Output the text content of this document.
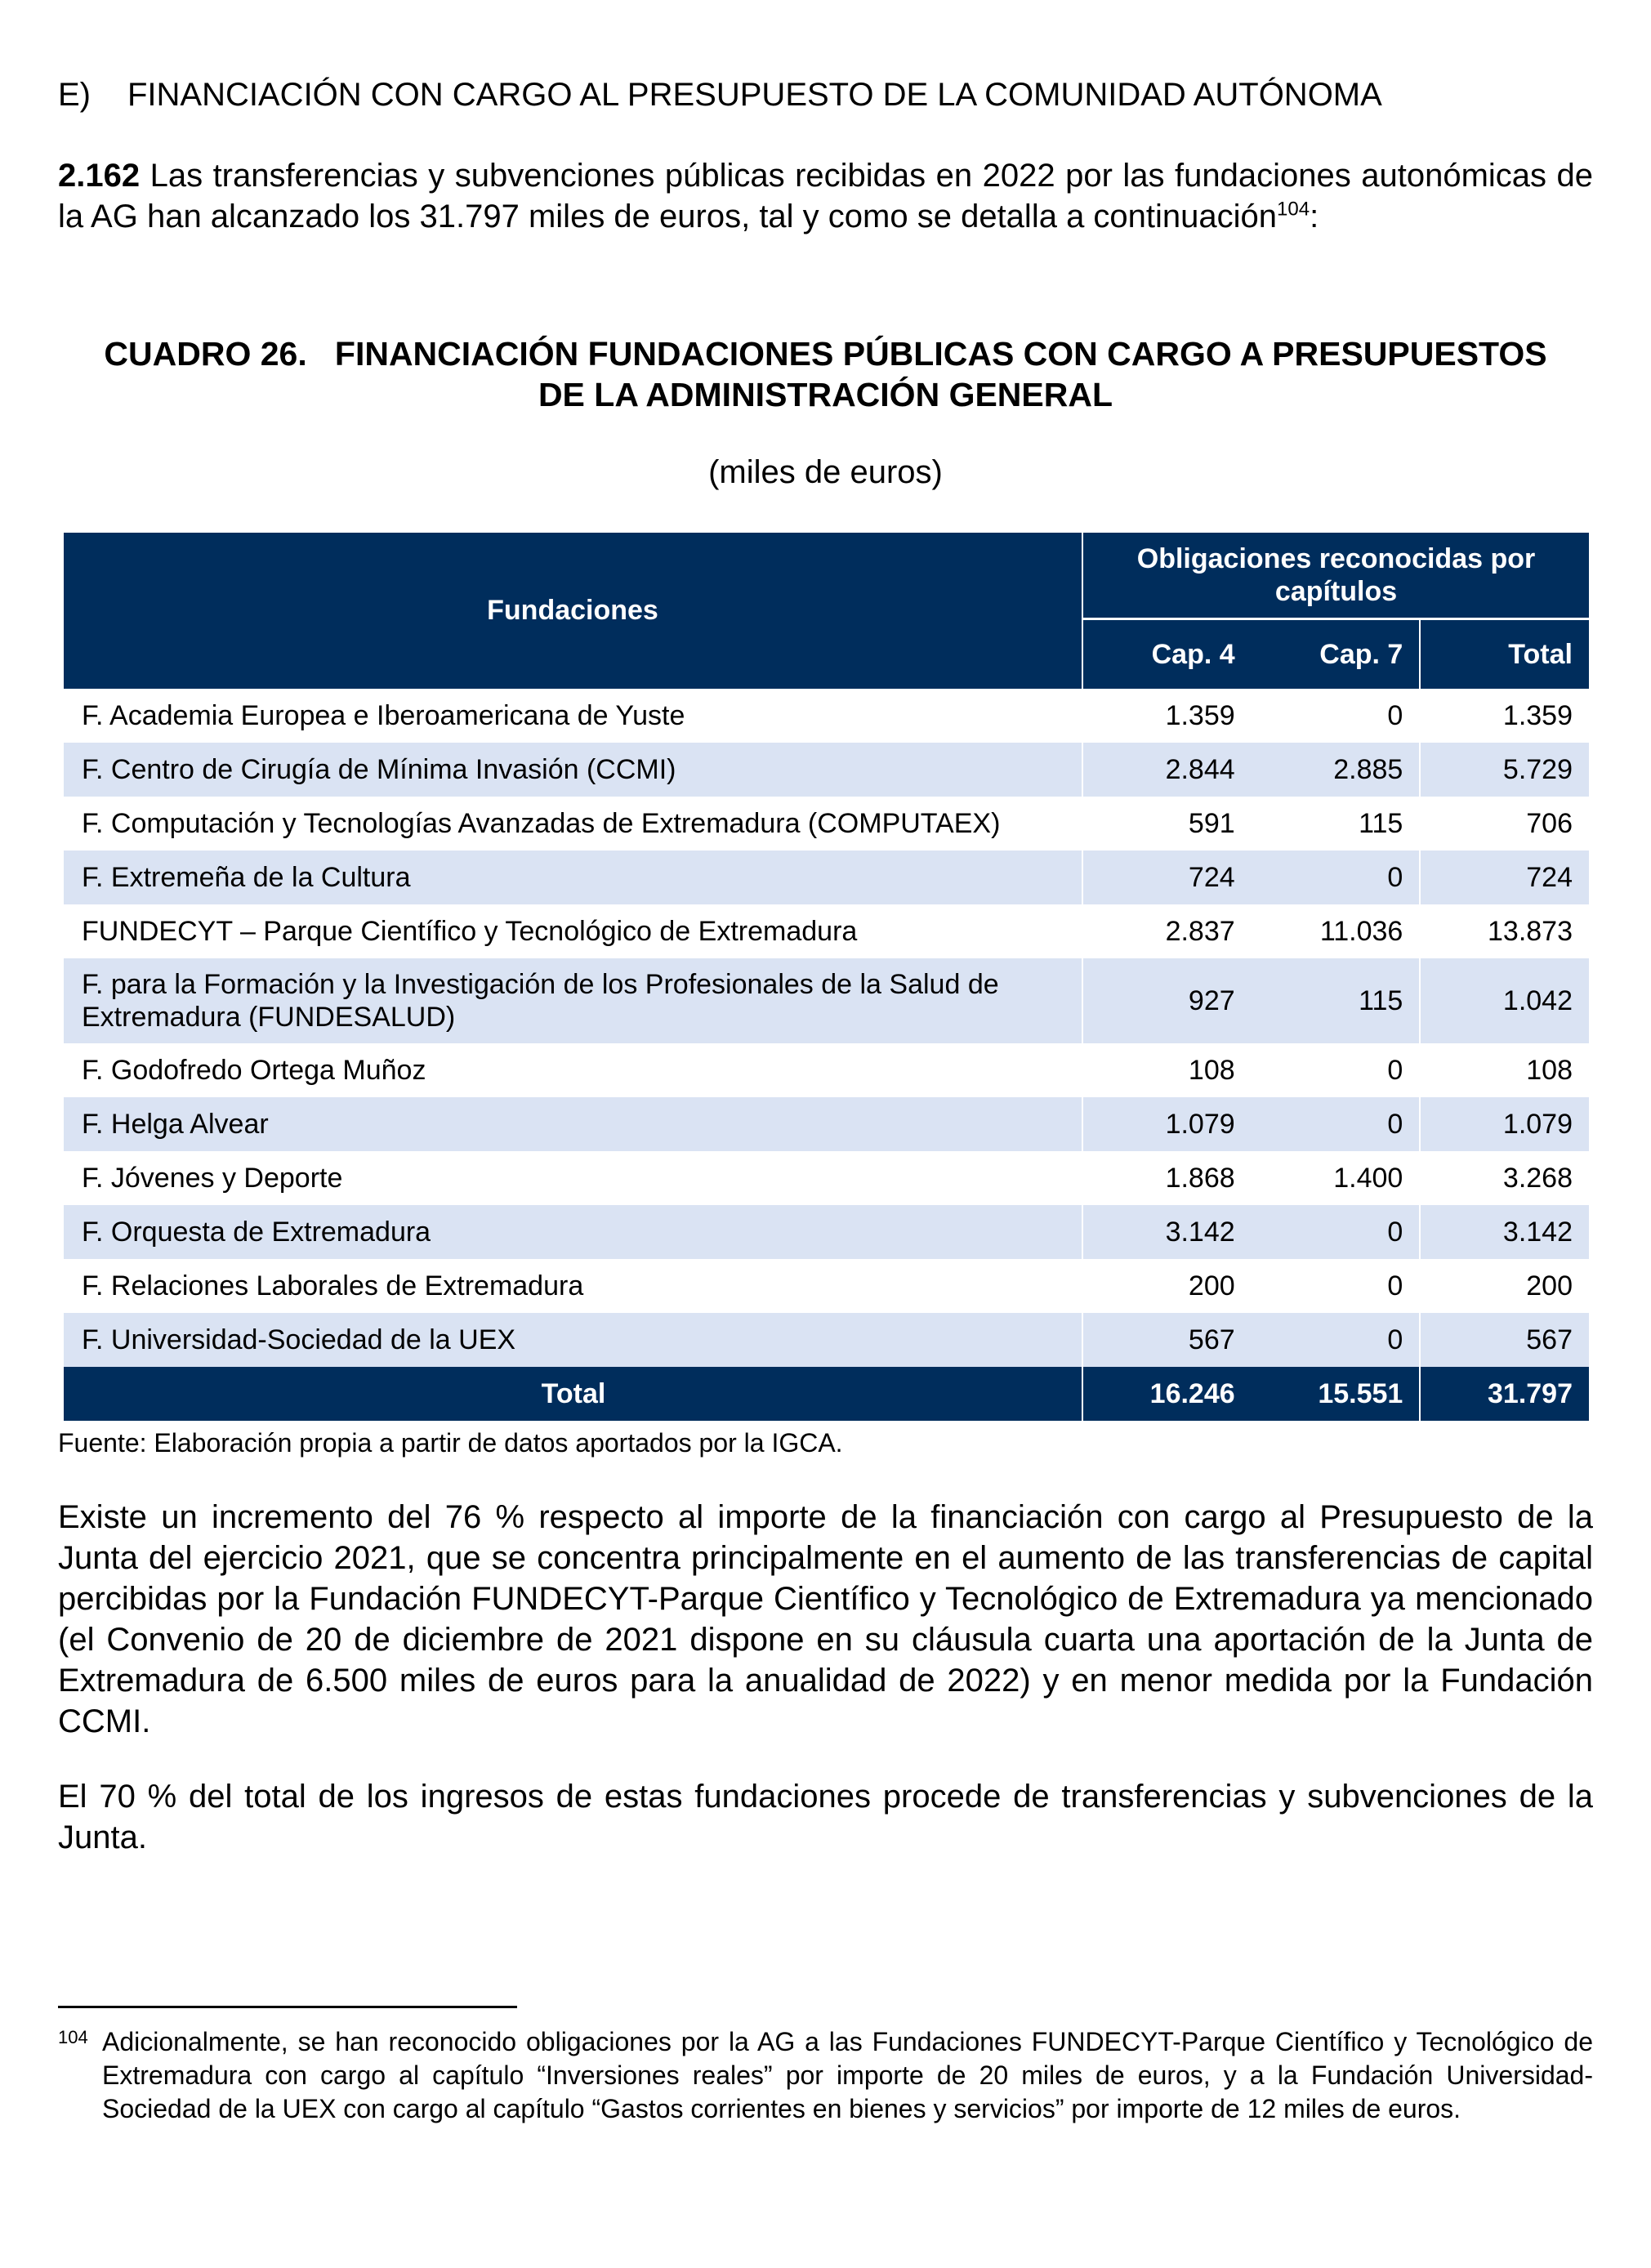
E) FINANCIACIÓN CON CARGO AL PRESUPUESTO DE LA COMUNIDAD AUTÓNOMA
2.162 Las transferencias y subvenciones públicas recibidas en 2022 por las fundaciones autonómicas de la AG han alcanzado los 31.797 miles de euros, tal y como se detalla a continuación$^{104}$:
CUADRO 26.   FINANCIACIÓN FUNDACIONES PÚBLICAS CON CARGO A PRESUPUESTOS
DE LA ADMINISTRACIÓN GENERAL
(miles de euros)
Fundaciones	Obligaciones reconocidas por capítulos		
	Cap. 4	Cap. 7	Total
F. Academia Europea e Iberoamericana de Yuste	1.359	0	1.359
F. Centro de Cirugía de Mínima Invasión (CCMI)	2.844	2.885	5.729
F. Computación y Tecnologías Avanzadas de Extremadura (COMPUTAEX)	591	115	706
F. Extremeña de la Cultura	724	0	724
FUNDECYT – Parque Científico y Tecnológico de Extremadura	2.837	11.036	13.873
F. para la Formación y la Investigación de los Profesionales de la Salud de Extremadura (FUNDESALUD)	927	115	1.042
F. Godofredo Ortega Muñoz	108	0	108
F. Helga Alvear	1.079	0	1.079
F. Jóvenes y Deporte	1.868	1.400	3.268
F. Orquesta de Extremadura	3.142	0	3.142
F. Relaciones Laborales de Extremadura	200	0	200
F. Universidad-Sociedad de la UEX	567	0	567
Total	16.246	15.551	31.797
Fuente: Elaboración propia a partir de datos aportados por la IGCA.
Existe un incremento del 76 % respecto al importe de la financiación con cargo al Presupuesto de la Junta del ejercicio 2021, que se concentra principalmente en el aumento de las transferencias de capital percibidas por la Fundación FUNDECYT-Parque Científico y Tecnológico de Extremadura ya mencionado (el Convenio de 20 de diciembre de 2021 dispone en su cláusula cuarta una aportación de la Junta de Extremadura de 6.500 miles de euros para la anualidad de 2022) y en menor medida por la Fundación CCMI.
El 70 % del total de los ingresos de estas fundaciones procede de transferencias y subvenciones de la Junta.
104 Adicionalmente, se han reconocido obligaciones por la AG a las Fundaciones FUNDECYT-Parque Científico y Tecnológico de Extremadura con cargo al capítulo “Inversiones reales” por importe de 20 miles de euros, y a la Fundación Universidad-Sociedad de la UEX con cargo al capítulo “Gastos corrientes en bienes y servicios” por importe de 12 miles de euros.
